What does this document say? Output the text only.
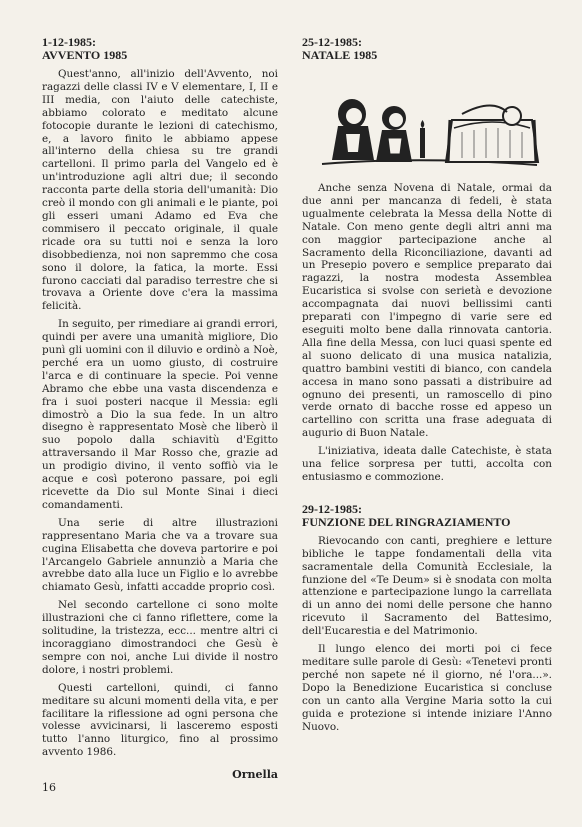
1-12-1985:
AVVENTO 1985

Quest'anno, all'inizio dell'Avvento, noi ragazzi delle classi IV e V elementare, I, II e III media, con l'aiuto delle catechiste, abbiamo colorato e meditato alcune fotocopie durante le lezioni di catechismo, e, a lavoro finito le abbiamo appese all'interno della chiesa su tre grandi cartelloni. Il primo parla del Vangelo ed è un'introduzione agli altri due; il secondo racconta parte della storia dell'umanità: Dio creò il mondo con gli animali e le piante, poi gli esseri umani Adamo ed Eva che commisero il peccato originale, il quale ricade ora su tutti noi e senza la loro disobbedienza, noi non sapremmo che cosa sono il dolore, la fatica, la morte. Essi furono cacciati dal paradiso terrestre che si trovava a Oriente dove c'era la massima felicità.

In seguito, per rimediare ai grandi errori, quindi per avere una umanità migliore, Dio punì gli uomini con il diluvio e ordinò a Noè, perché era un uomo giusto, di costruire l'arca e di continuare la specie. Poi venne Abramo che ebbe una vasta discendenza e fra i suoi posteri nacque il Messia: egli dimostrò a Dio la sua fede. In un altro disegno è rappresentato Mosè che liberò il suo popolo dalla schiavitù d'Egitto attraversando il Mar Rosso che, grazie ad un prodigio divino, il vento soffiò via le acque e così poterono passare, poi egli ricevette da Dio sul Monte Sinai i dieci comandamenti.

Una serie di altre illustrazioni rappresentano Maria che va a trovare sua cugina Elisabetta che doveva partorire e poi l'Arcangelo Gabriele annunziò a Maria che avrebbe dato alla luce un Figlio e lo avrebbe chiamato Gesù, infatti accadde proprio così.

Nel secondo cartellone ci sono molte illustrazioni che ci fanno riflettere, come la solitudine, la tristezza, ecc... mentre altri ci incoraggiano dimostrandoci che Gesù è sempre con noi, anche Lui divide il nostro dolore, i nostri problemi.

Questi cartelloni, quindi, ci fanno meditare su alcuni momenti della vita, e per facilitare la riflessione ad ogni persona che volesse avvicinarsi, li lasceremo esposti tutto l'anno liturgico, fino al prossimo avvento 1986.

Ornella
25-12-1985:
NATALE 1985

Anche senza Novena di Natale, ormai da due anni per mancanza di fedeli, è stata ugualmente celebrata la Messa della Notte di Natale. Con meno gente degli altri anni ma con maggior partecipazione anche al Sacramento della Riconciliazione, davanti ad un Presepio povero e semplice preparato dai ragazzi, la nostra modesta Assemblea Eucaristica si svolse con serietà e devozione accompagnata dai nuovi bellissimi canti preparati con l'impegno di varie sere ed eseguiti molto bene dalla rinnovata cantoria. Alla fine della Messa, con luci quasi spente ed al suono delicato di una musica natalizia, quattro bambini vestiti di bianco, con candela accesa in mano sono passati a distribuire ad ognuno dei presenti, un ramoscello di pino verde ornato di bacche rosse ed appeso un cartellino con scritta una frase adeguata di augurio di Buon Natale.

L'iniziativa, ideata dalle Catechiste, è stata una felice sorpresa per tutti, accolta con entusiasmo e commozione.

29-12-1985:
FUNZIONE DEL RINGRAZIAMENTO

Rievocando con canti, preghiere e letture bibliche le tappe fondamentali della vita sacramentale della Comunità Ecclesiale, la funzione del «Te Deum» si è snodata con molta attenzione e partecipazione lungo la carrellata di un anno dei nomi delle persone che hanno ricevuto il Sacramento del Battesimo, dell'Eucarestia e del Matrimonio.

Il lungo elenco dei morti poi ci fece meditare sulle parole di Gesù: «Tenetevi pronti perché non sapete né il giorno, né l'ora...». Dopo la Benedizione Eucaristica si concluse con un canto alla Vergine Maria sotto la cui guida e protezione si intende iniziare l'Anno Nuovo.

16
